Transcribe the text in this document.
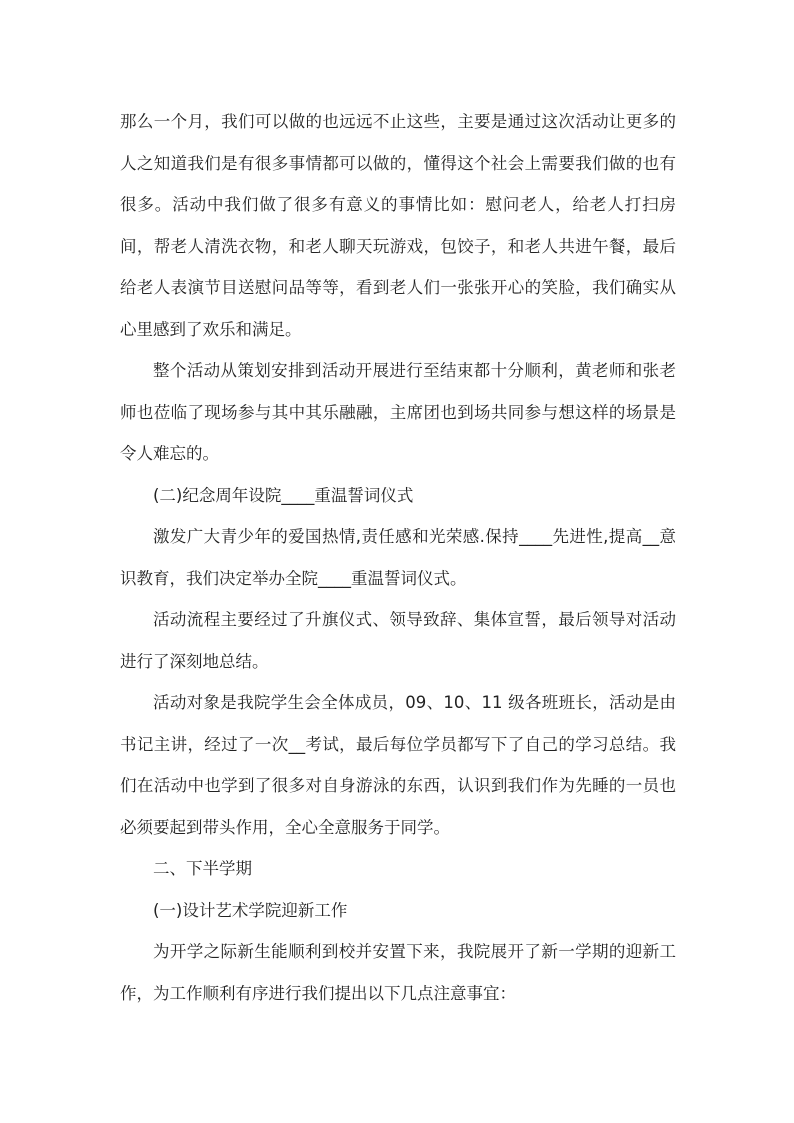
那么一个月，我们可以做的也远远不止这些，主要是通过这次活动让更多的人之知道我们是有很多事情都可以做的，懂得这个社会上需要我们做的也有很多。活动中我们做了很多有意义的事情比如：慰问老人，给老人打扫房间，帮老人清洗衣物，和老人聊天玩游戏，包饺子，和老人共进午餐，最后给老人表演节目送慰问品等等，看到老人们一张张开心的笑脸，我们确实从心里感到了欢乐和满足。

整个活动从策划安排到活动开展进行至结束都十分顺利，黄老师和张老师也莅临了现场参与其中其乐融融，主席团也到场共同参与想这样的场景是令人难忘的。

(二)纪念周年设院____重温誓词仪式

激发广大青少年的爱国热情,责任感和光荣感.保持____先进性,提高__意识教育，我们决定举办全院____重温誓词仪式。

活动流程主要经过了升旗仪式、领导致辞、集体宣誓，最后领导对活动进行了深刻地总结。

活动对象是我院学生会全体成员，09、10、11 级各班班长，活动是由书记主讲，经过了一次__考试，最后每位学员都写下了自己的学习总结。我们在活动中也学到了很多对自身游泳的东西，认识到我们作为先睡的一员也必须要起到带头作用，全心全意服务于同学。

二、下半学期

(一)设计艺术学院迎新工作

为开学之际新生能顺利到校并安置下来，我院展开了新一学期的迎新工作，为工作顺利有序进行我们提出以下几点注意事宜：
